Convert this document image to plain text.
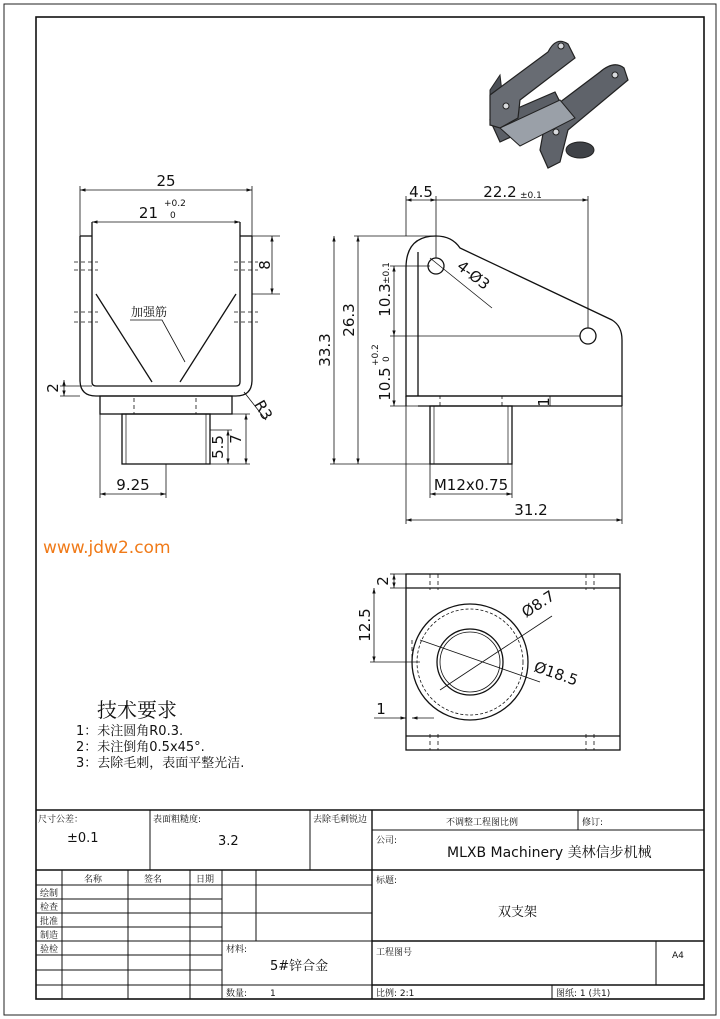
25
21 +0.2
0
8
2
R3
5.5 7
9.25
加强筋
4.5	22.2 ±0.1
4-Ø3
33.3
26.3
10.3
±0.1
10.5
+0.2 0
1
M12x0.75
31.2
www.jdw2.com
2
12.5
1
Ø8.7
Ø18.5
技术要求
1：未注圆角R0.3.
2：未注倒角0.5x45°.
3：去除毛刺，表面平整光洁.
尺寸公差：
±0.1
表面粗糙度:
3.2
去除毛刺锐边	不调整工程图比例	修订:
公司:
MLXB Machinery 美林信步机械
标题:
双支架
名称	签名	日期
绘制
检查
批准
制造
验检	材料:
5#锌合金
工程图号	A4
数量:	1	比例: 2:1	图纸: 1 (共1)
